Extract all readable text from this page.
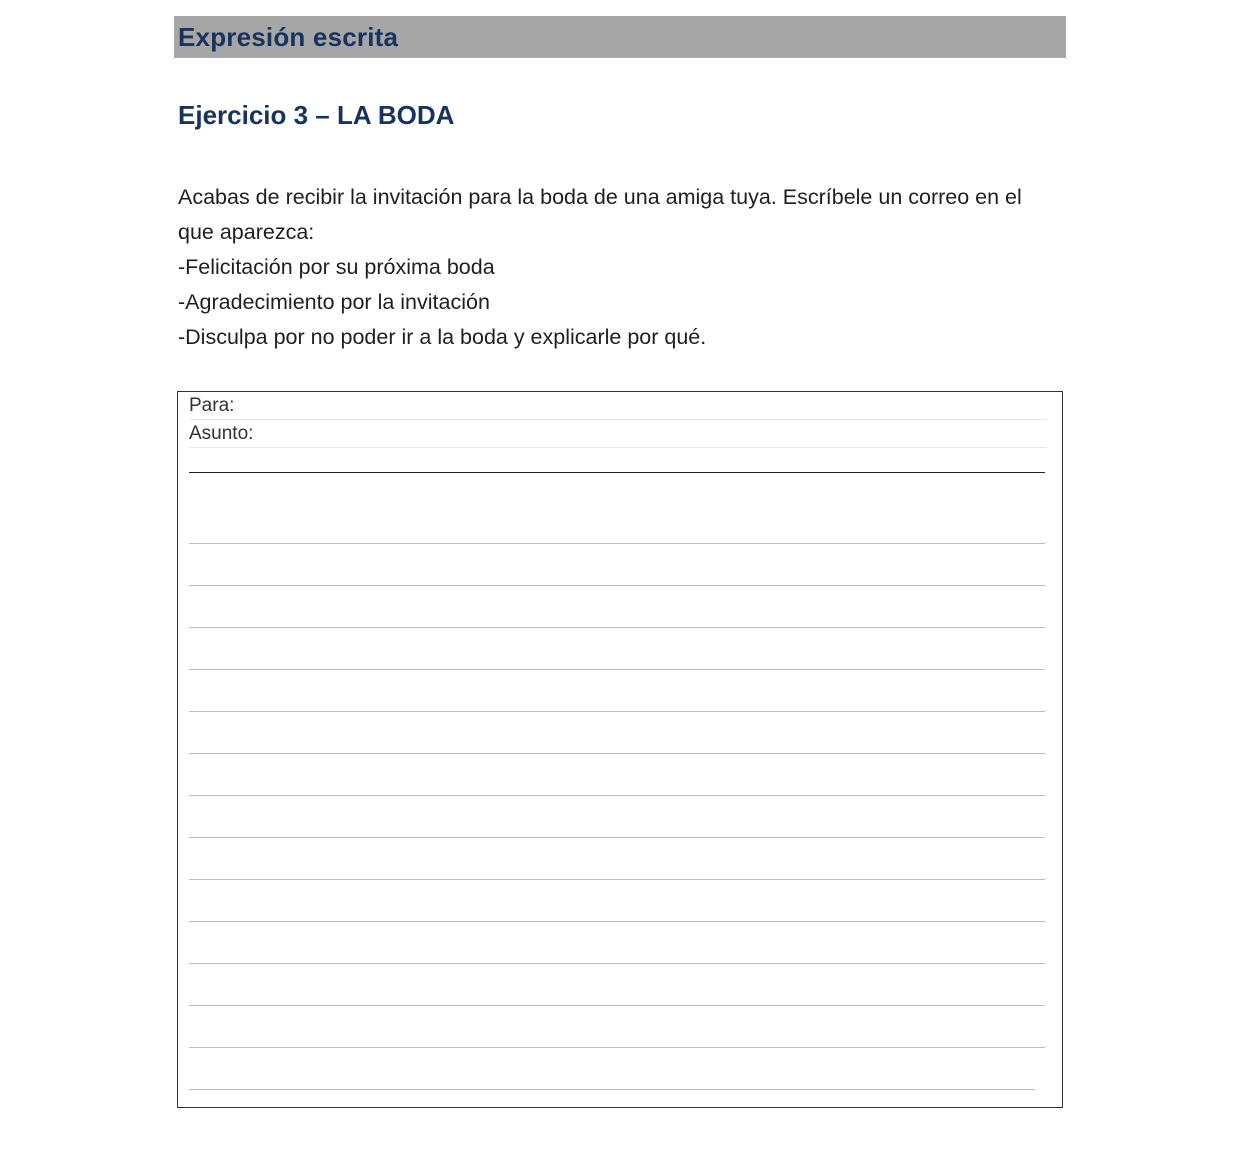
Expresión escrita
Ejercicio 3 – LA BODA

Acabas de recibir la invitación para la boda de una amiga tuya. Escríbele un correo en el que aparezca:

-Felicitación por su próxima boda

-Agradecimiento por la invitación

-Disculpa por no poder ir a la boda y explicarle por qué.

Para:
Asunto:
